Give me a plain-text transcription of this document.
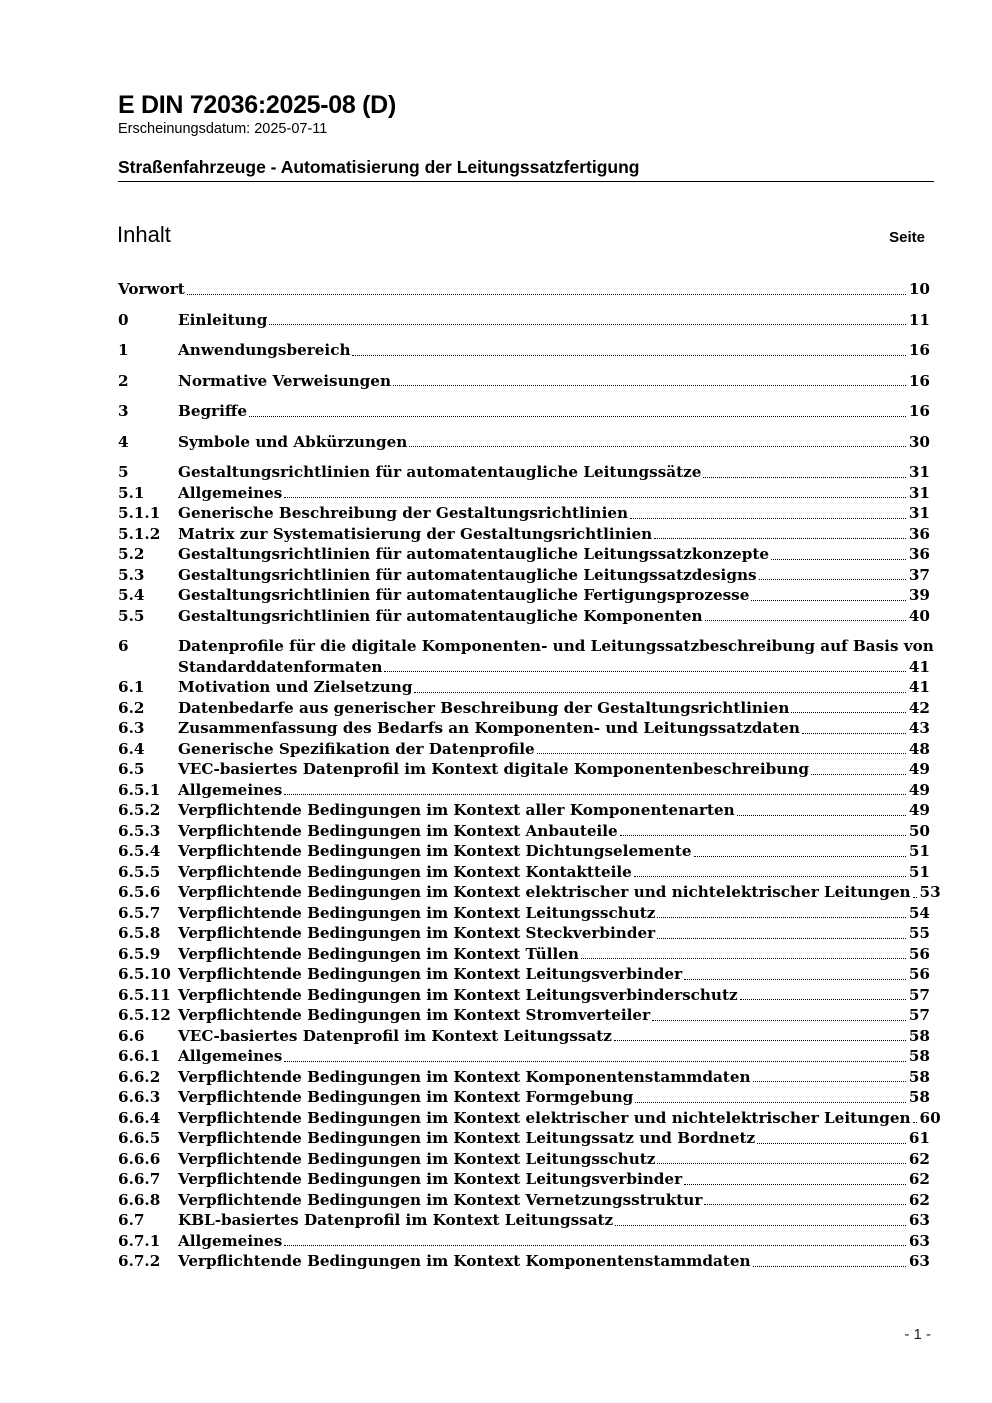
E DIN 72036:2025-08 (D)
Erscheinungsdatum: 2025-07-11
Straßenfahrzeuge - Automatisierung der Leitungssatzfertigung
Inhalt	Seite
Vorwort	10
0	Einleitung	11
1	Anwendungsbereich	16
2	Normative Verweisungen	16
3	Begriffe	16
4	Symbole und Abkürzungen	30
5	Gestaltungsrichtlinien für automatentaugliche Leitungssätze	31
5.1 Allgemeines	31
5.1.1 Generische Beschreibung der Gestaltungsrichtlinien	31
5.1.2 Matrix zur Systematisierung der Gestaltungsrichtlinien	36
5.2 Gestaltungsrichtlinien für automatentaugliche Leitungssatzkonzepte	36
5.3 Gestaltungsrichtlinien für automatentaugliche Leitungssatzdesigns	37
5.4 Gestaltungsrichtlinien für automatentaugliche Fertigungsprozesse	39
5.5 Gestaltungsrichtlinien für automatentaugliche Komponenten	40
6	Datenprofile für die digitale Komponenten- und Leitungssatzbeschreibung auf Basis von
Standarddatenformaten	41
6.1 Motivation und Zielsetzung	41
6.2 Datenbedarfe aus generischer Beschreibung der Gestaltungsrichtlinien	42
6.3 Zusammenfassung des Bedarfs an Komponenten- und Leitungssatzdaten	43
6.4 Generische Spezifikation der Datenprofile	48
6.5 VEC-basiertes Datenprofil im Kontext digitale Komponentenbeschreibung	49
6.5.1 Allgemeines	49
6.5.2 Verpflichtende Bedingungen im Kontext aller Komponentenarten	49
6.5.3 Verpflichtende Bedingungen im Kontext Anbauteile	50
6.5.4 Verpflichtende Bedingungen im Kontext Dichtungselemente	51
6.5.5 Verpflichtende Bedingungen im Kontext Kontaktteile	51
6.5.6 Verpflichtende Bedingungen im Kontext elektrischer und nichtelektrischer Leitungen 53
6.5.7 Verpflichtende Bedingungen im Kontext Leitungsschutz	54
6.5.8 Verpflichtende Bedingungen im Kontext Steckverbinder	55
6.5.9 Verpflichtende Bedingungen im Kontext Tüllen	56
6.5.10 Verpflichtende Bedingungen im Kontext Leitungsverbinder	56
6.5.11 Verpflichtende Bedingungen im Kontext Leitungsverbinderschutz	57
6.5.12 Verpflichtende Bedingungen im Kontext Stromverteiler	57
6.6 VEC-basiertes Datenprofil im Kontext Leitungssatz	58
6.6.1 Allgemeines	58
6.6.2 Verpflichtende Bedingungen im Kontext Komponentenstammdaten	58
6.6.3 Verpflichtende Bedingungen im Kontext Formgebung	58
6.6.4 Verpflichtende Bedingungen im Kontext elektrischer und nichtelektrischer Leitungen 60
6.6.5 Verpflichtende Bedingungen im Kontext Leitungssatz und Bordnetz	61
6.6.6 Verpflichtende Bedingungen im Kontext Leitungsschutz	62
6.6.7 Verpflichtende Bedingungen im Kontext Leitungsverbinder	62
6.6.8 Verpflichtende Bedingungen im Kontext Vernetzungsstruktur	62
6.7 KBL-basiertes Datenprofil im Kontext Leitungssatz	63
6.7.1 Allgemeines	63
6.7.2 Verpflichtende Bedingungen im Kontext Komponentenstammdaten	63
- 1 -
